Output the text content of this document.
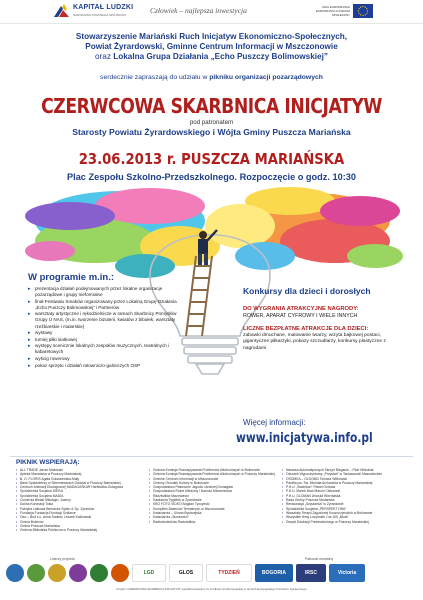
KAPITAŁ LUDZKI
NARODOWA STRATEGIA SPÓJNOŚCI	Człowiek – najlepsza inwestycja	UNIA EUROPEJSKA EUROPEJSKI FUNDUSZ SPOŁECZNY
Stowarzyszenie Mariański Ruch Inicjatyw Ekonomiczno-Społecznych,
Powiat Żyrardowski, Gminne Centrum Informacji w Mszczonowie
oraz Lokalna Grupa Działania „Echo Puszczy Bolimowskiej”
serdecznie zapraszają do udziału w pikniku organizacji pozarządowych
CZERWCOWA SKARBNICA INICJATYW
pod patronatem
Starosty Powiatu Żyrardowskiego i Wójta Gminy Puszcza Mariańska
23.06.2013 r. PUSZCZA MARIAŃSKA
Plac Zespołu Szkolno-Przedszkolnego. Rozpoczęcie o godz. 10:30
W programie m.in.:
▸ prezentacja działań podejmowanych przez lokalne organizacje pozarządowe i grupy nieformalne
▸ finał Festiwalu Smaków organizowany przez Lokalną Grupę Działania „Echo Puszczy Bolimowskiej” i Partnerów
▸ warsztaty artystyczne i rękodzielnicze w ramach Skarbnicy Pomysłów Grupy U NAS, (m.in. tworzenie bizuterii, kwiatów z bibułek, warsztaty rzeźbiarskie i malarskie)
▸ wystawy
▸ turniej piłki siatkowej
▸ występy scenicznie lokalnych zespołów muzycznych, teatralnych i kabaretowych
▸ wyścig rowerowy
▸ pokaz sprzętu i działań ratowniczo-gaśniczych OSP
Konkursy dla dzieci i dorosłych
DO WYGRANIA ATRAKCYJNE NAGRODY:
ROWER, APARAT CYFROWY I WIELE INNYCH
LICZNE BEZPŁATNE ATRAKCJE DLA DZIECI:
zabawki dmuchane, malowanie twarzy, wizyta bajkowej postaci, gigantyczne piłkarzyki, pokazy szczudlarzy, konkursy plastyczne z nagrodami
Więcej informacji:
www.inicjatywa.info.pl
PIKNIK WSPIERAJĄ:
• ALL TRADE Jarom Malowski
• Apteka Mariańska w Puszczy Mariańskiej
• B. G. FLORIS Agata Golaszewska-Mały
• Bank Spółdzielczy w Skierniewicach Oddział w Puszczy Mariańskiej
• Centrum Animacji Ekologicznej MADAGASKAR Harbbotka-Golagowa
• Spółdzielnia Socjalna DIERA
• Spółdzielnia Socjalna MADIA
• Cukiernia Bielak Mikołaja i Joanny
• Dolina Koronacji Tosia
• Fabryka Lalkowa Bernacka Sylien & Sp. Żyrardów
• Fundacja Fundacja Fundacji Szklarze
• Geo – Bud s.c. Anna Sadziw, Leszek Kulikowski
• Gmina Bolimów
• Gmina Puszcza Mariańska
• Gminna Biblioteka Publiczna w Puszczy Mariańskiej
• Gminna Komisja Rozwiązywania Problemów Alkoholowych w Bolimowie
• Gminna Komisja Rozwiązywania Problemów Alkoholowych w Puszczy Mariańskiej
• Gminne Centrum Informacji w Mszczonowie
• Gminny Ośrodek Kultury w Bolimowie
• Gospodarstwo Pasieczne Jagoda i Andrzej Domagała
• Gospodarstwo Rolne Mieściny i Dariusz Marciniewicz
• Radziwiłłów Mazowiecki
• Kawiarnia Tygiełek w Żyrardowie
• KBO FOTO VIDEO Bogdan Tyczyński
• Kompleks Basenów Termalnych w Mszczonowie
• Kwiaciarnia – Ulotna Bystrzejska
• Kwiaciarnia „Słoneczko”
• Radkobrotników Radziwiłłów
• Nasarsa Automatycznych Skrzyń Bieganie – Piotr Michalak
• Ośrodek Wypoczynkowy „Przystań” w Taniaszowie Mazowieckim
• OSOMKA – OLDOMD Tomasz Witkowski
• Parafia pw. Św. Michała Archanioła w Puszczy Mariańskiej
• P.H.U. „Bodnikon” Paweł Ochoda
• P.H.U. Marek Brań Marcin Ciekański
• P.H.U. GLOMAN Urszula Wirzniaśka
• Rada Gminy Puszcza Mariańska
• Restauracja „Szpulanka” w Żyrardowie
• Spółdzielnia Socjalna „PERSPEKTYWA”
• Warsztaty Terapii Zajęciowej Koszoczyńskich w Bolimowie
• Wszystkie firmy Łużyńskie i na 100 „Błota”
• Zespół Edukacji Przedszkolnego w Puszczy Mariańskiej
Liderzy projektu	Patronat medialny
LGD	GLOS	TYDZIEŃ	BOGORIA	IRSC	Victoria
Projekt „CZERWCOWA SKARBNICA INICJATYW” współfinansowany ze środków Unii Europejskiej w ramach Europejskiego Funduszu Społecznego
